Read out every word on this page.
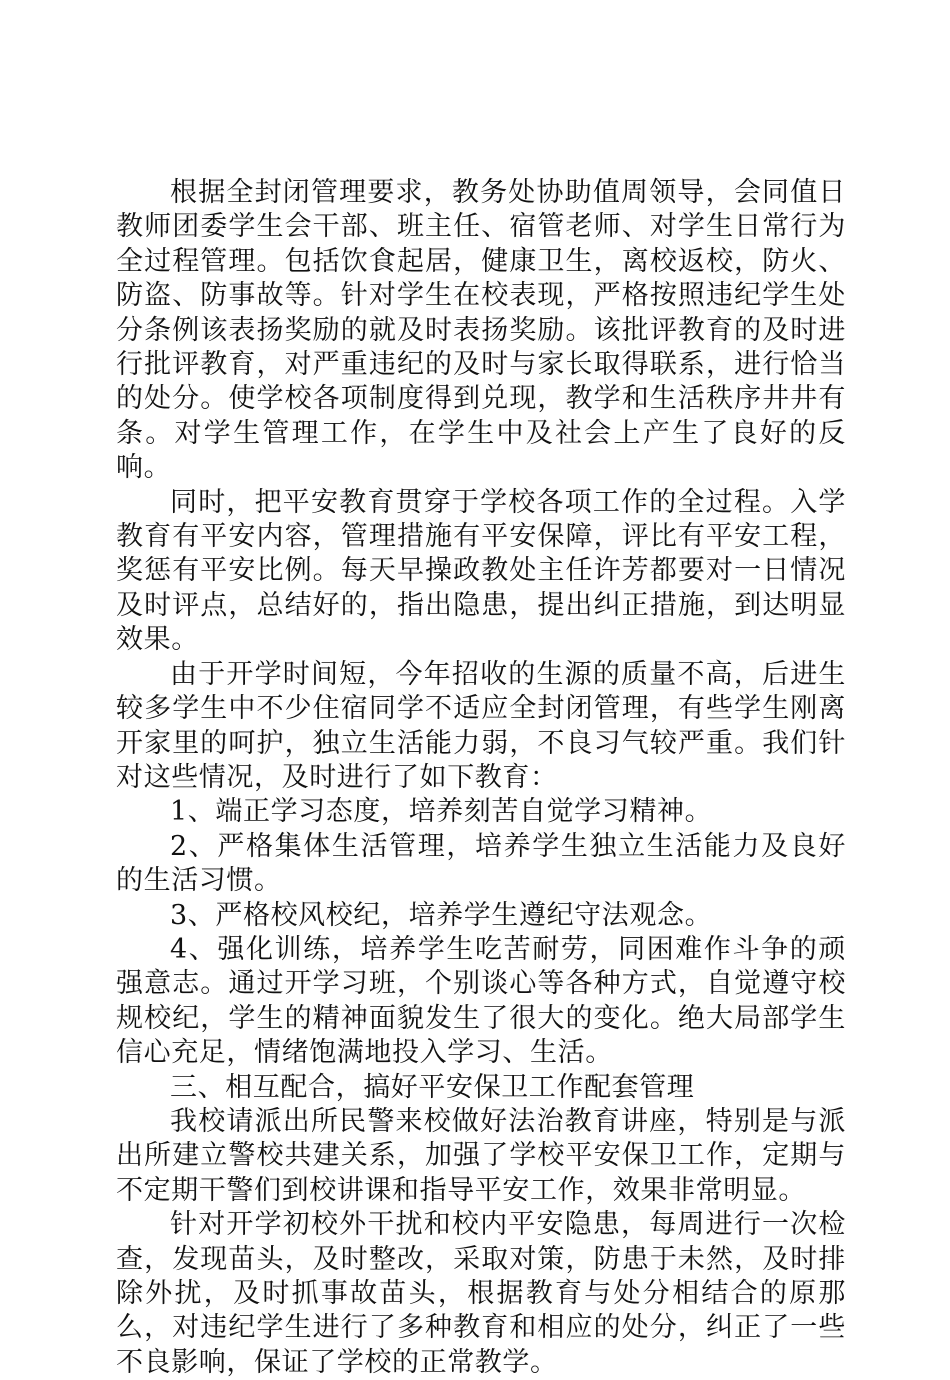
根据全封闭管理要求，教务处协助值周领导，会同值日教师团委学生会干部、班主任、宿管老师、对学生日常行为全过程管理。包括饮食起居，健康卫生，离校返校，防火、防盗、防事故等。针对学生在校表现，严格按照违纪学生处分条例该表扬奖励的就及时表扬奖励。该批评教育的及时进行批评教育，对严重违纪的及时与家长取得联系，进行恰当的处分。使学校各项制度得到兑现，教学和生活秩序井井有条。对学生管理工作，在学生中及社会上产生了良好的反响。

同时，把平安教育贯穿于学校各项工作的全过程。入学教育有平安内容，管理措施有平安保障，评比有平安工程，奖惩有平安比例。每天早操政教处主任许芳都要对一日情况及时评点，总结好的，指出隐患，提出纠正措施，到达明显效果。

由于开学时间短，今年招收的生源的质量不高，后进生较多学生中不少住宿同学不适应全封闭管理，有些学生刚离开家里的呵护，独立生活能力弱，不良习气较严重。我们针对这些情况，及时进行了如下教育：

1、端正学习态度，培养刻苦自觉学习精神。

2、严格集体生活管理，培养学生独立生活能力及良好的生活习惯。

3、严格校风校纪，培养学生遵纪守法观念。

4、强化训练，培养学生吃苦耐劳，同困难作斗争的顽强意志。通过开学习班，个别谈心等各种方式，自觉遵守校规校纪，学生的精神面貌发生了很大的变化。绝大局部学生信心充足，情绪饱满地投入学习、生活。

三、相互配合，搞好平安保卫工作配套管理

我校请派出所民警来校做好法治教育讲座，特别是与派出所建立警校共建关系，加强了学校平安保卫工作，定期与不定期干警们到校讲课和指导平安工作，效果非常明显。

针对开学初校外干扰和校内平安隐患，每周进行一次检查，发现苗头，及时整改，采取对策，防患于未然，及时排除外扰，及时抓事故苗头，根据教育与处分相结合的原那么，对违纪学生进行了多种教育和相应的处分，纠正了一些不良影响，保证了学校的正常教学。
